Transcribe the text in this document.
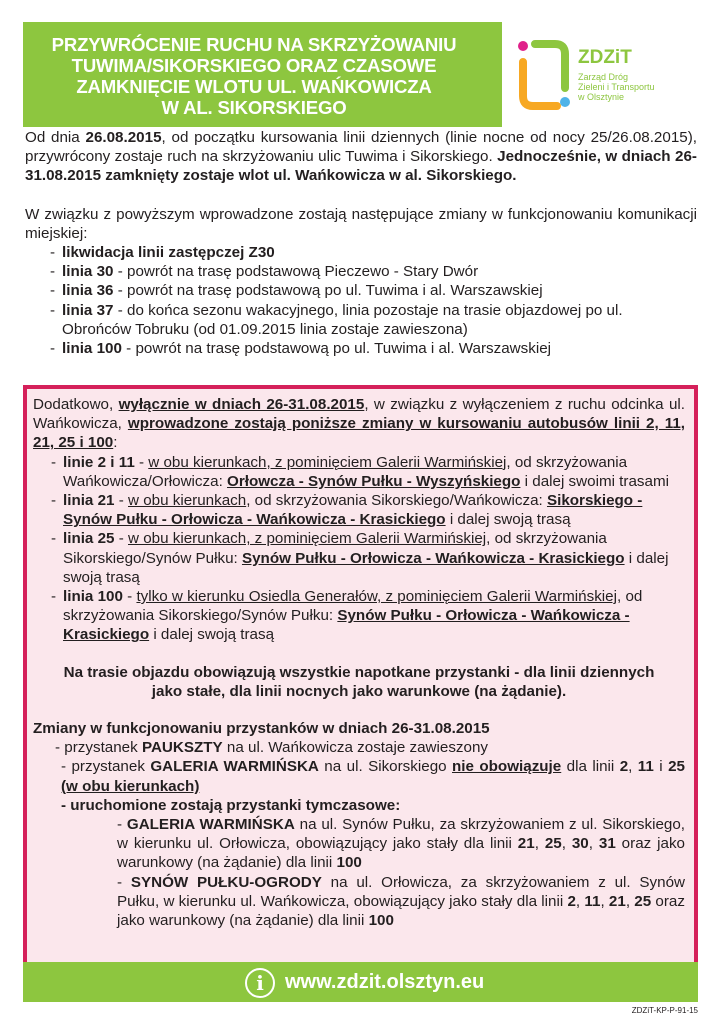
PRZYWRÓCENIE RUCHU NA SKRZYŻOWANIU
TUWIMA/SIKORSKIEGO ORAZ CZASOWE
ZAMKNIĘCIE WLOTU UL. WAŃKOWICZA
W AL. SIKORSKIEGO
ZDZiT
Zarząd Dróg
Zieleni i Transportu
w Olsztynie

Od dnia 26.08.2015, od początku kursowania linii dziennych (linie nocne od nocy 25/26.08.2015), przywrócony zostaje ruch na skrzyżowaniu ulic Tuwima i Sikorskiego. Jednocześnie, w dniach 26-31.08.2015 zamknięty zostaje wlot ul. Wańkowicza w al. Sikorskiego.

W związku z powyższym wprowadzone zostają następujące zmiany w funkcjonowaniu komunikacji miejskiej:

- likwidacja linii zastępczej Z30
- linia 30 - powrót na trasę podstawową Pieczewo - Stary Dwór
- linia 36 - powrót na trasę podstawową po ul. Tuwima i al. Warszawskiej
- linia 37 - do końca sezonu wakacyjnego, linia pozostaje na trasie objazdowej po ul. Obrońców Tobruku (od 01.09.2015 linia zostaje zawieszona)
- linia 100 - powrót na trasę podstawową po ul. Tuwima i al. Warszawskiej

Dodatkowo, wyłącznie w dniach 26-31.08.2015, w związku z wyłączeniem z ruchu odcinka ul. Wańkowicza, wprowadzone zostają poniższe zmiany w kursowaniu autobusów linii 2, 11, 21, 25 i 100:

- linie 2 i 11 - w obu kierunkach, z pominięciem Galerii Warmińskiej, od skrzyżowania Wańkowicza/Orłowicza: Orłowcza - Synów Pułku - Wyszyńskiego i dalej swoimi trasami
- linia 21 - w obu kierunkach, od skrzyżowania Sikorskiego/Wańkowicza: Sikorskiego - Synów Pułku - Orłowicza - Wańkowicza - Krasickiego i dalej swoją trasą
- linia 25 - w obu kierunkach, z pominięciem Galerii Warmińskiej, od skrzyżowania Sikorskiego/Synów Pułku: Synów Pułku - Orłowicza - Wańkowicza - Krasickiego i dalej swoją trasą
- linia 100 - tylko w kierunku Osiedla Generałów, z pominięciem Galerii Warmińskiej, od skrzyżowania Sikorskiego/Synów Pułku: Synów Pułku - Orłowicza - Wańkowicza - Krasickiego i dalej swoją trasą

Na trasie objazdu obowiązują wszystkie napotkane przystanki - dla linii dziennych jako stałe, dla linii nocnych jako warunkowe (na żądanie).

Zmiany w funkcjonowaniu przystanków w dniach 26-31.08.2015

- przystanek PAUKSZTY na ul. Wańkowicza zostaje zawieszony
- przystanek GALERIA WARMIŃSKA na ul. Sikorskiego nie obowiązuje dla linii 2, 11 i 25 (w obu kierunkach)
- uruchomione zostają przystanki tymczasowe:
- GALERIA WARMIŃSKA na ul. Synów Pułku, za skrzyżowaniem z ul. Sikorskiego, w kierunku ul. Orłowicza, obowiązujący jako stały dla linii 21, 25, 30, 31 oraz jako warunkowy (na żądanie) dla linii 100
- SYNÓW PUŁKU-OGRODY na ul. Orłowicza, za skrzyżowaniem z ul. Synów Pułku, w kierunku ul. Wańkowicza, obowiązujący jako stały dla linii 2, 11, 21, 25 oraz jako warunkowy (na żądanie) dla linii 100
i	www.zdzit.olsztyn.eu
ZDZiT-KP-P-91-15
